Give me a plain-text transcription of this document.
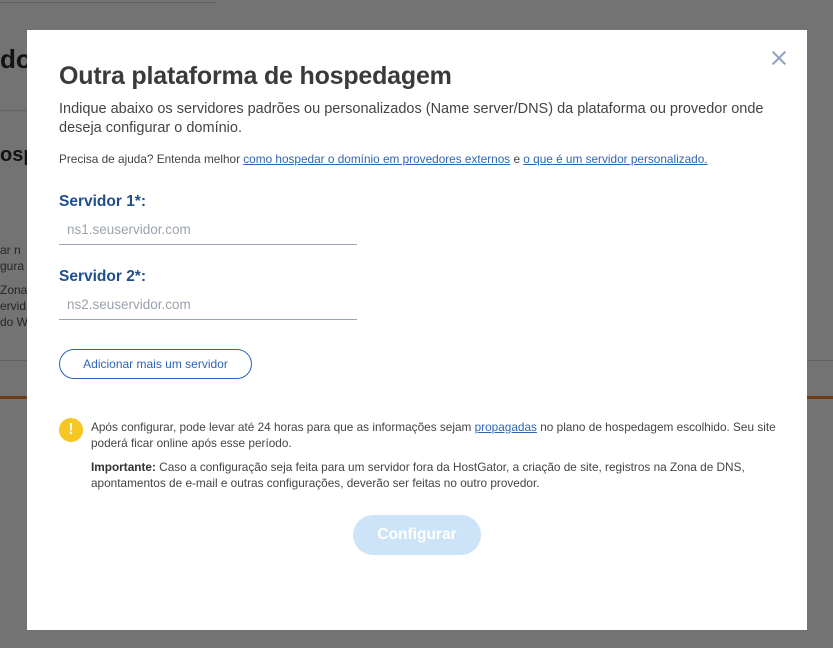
Outra plataforma de hospedagem

Indique abaixo os servidores padrões ou personalizados (Name server/DNS) da plataforma ou provedor onde deseja configurar o domínio.

Precisa de ajuda? Entenda melhor como hospedar o domínio em provedores externos e o que é um servidor personalizado.

Servidor 1*:
ns1.seuservidor.com
Servidor 2*:
ns2.seuservidor.com
Adicionar mais um servidor
!	Após configurar, pode levar até 24 horas para que as informações sejam propagadas no plano de hospedagem escolhido. Seu site poderá ficar online após esse período.

Importante: Caso a configuração seja feita para um servidor fora da HostGator, a criação de site, registros na Zona de DNS, apontamentos de e-mail e outras configurações, deverão ser feitas no outro provedor.

Configurar
